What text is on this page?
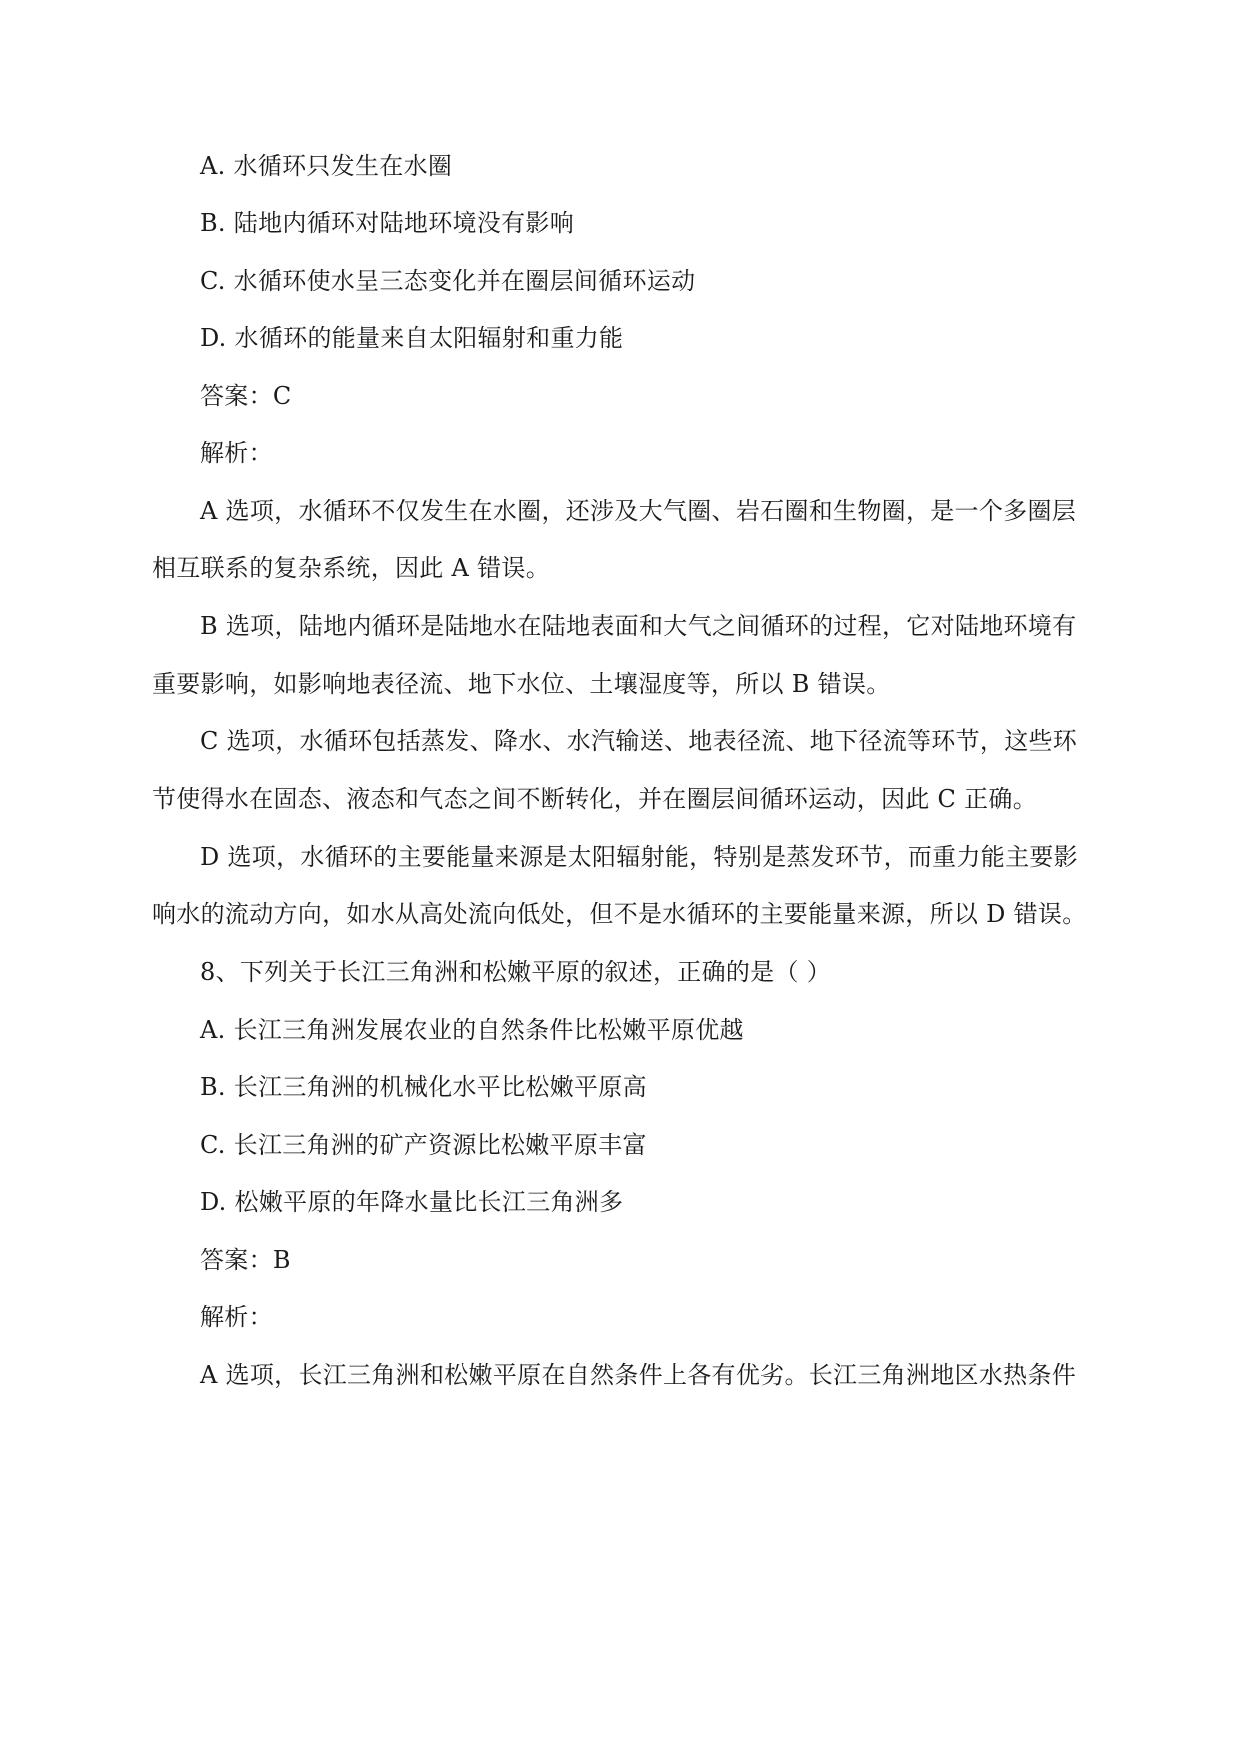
A. 水循环只发生在水圈
B. 陆地内循环对陆地环境没有影响
C. 水循环使水呈三态变化并在圈层间循环运动
D. 水循环的能量来自太阳辐射和重力能
答案：C
解析：
A 选项，水循环不仅发生在水圈，还涉及大气圈、岩石圈和生物圈，是一个多圈层
相互联系的复杂系统，因此 A 错误。
B 选项，陆地内循环是陆地水在陆地表面和大气之间循环的过程，它对陆地环境有
重要影响，如影响地表径流、地下水位、土壤湿度等，所以 B 错误。
C 选项，水循环包括蒸发、降水、水汽输送、地表径流、地下径流等环节，这些环
节使得水在固态、液态和气态之间不断转化，并在圈层间循环运动，因此 C 正确。
D 选项，水循环的主要能量来源是太阳辐射能，特别是蒸发环节，而重力能主要影
响水的流动方向，如水从高处流向低处，但不是水循环的主要能量来源，所以 D 错误。
8、下列关于长江三角洲和松嫩平原的叙述，正确的是（ ）
A. 长江三角洲发展农业的自然条件比松嫩平原优越
B. 长江三角洲的机械化水平比松嫩平原高
C. 长江三角洲的矿产资源比松嫩平原丰富
D. 松嫩平原的年降水量比长江三角洲多
答案：B
解析：
A 选项，长江三角洲和松嫩平原在自然条件上各有优劣。长江三角洲地区水热条件
